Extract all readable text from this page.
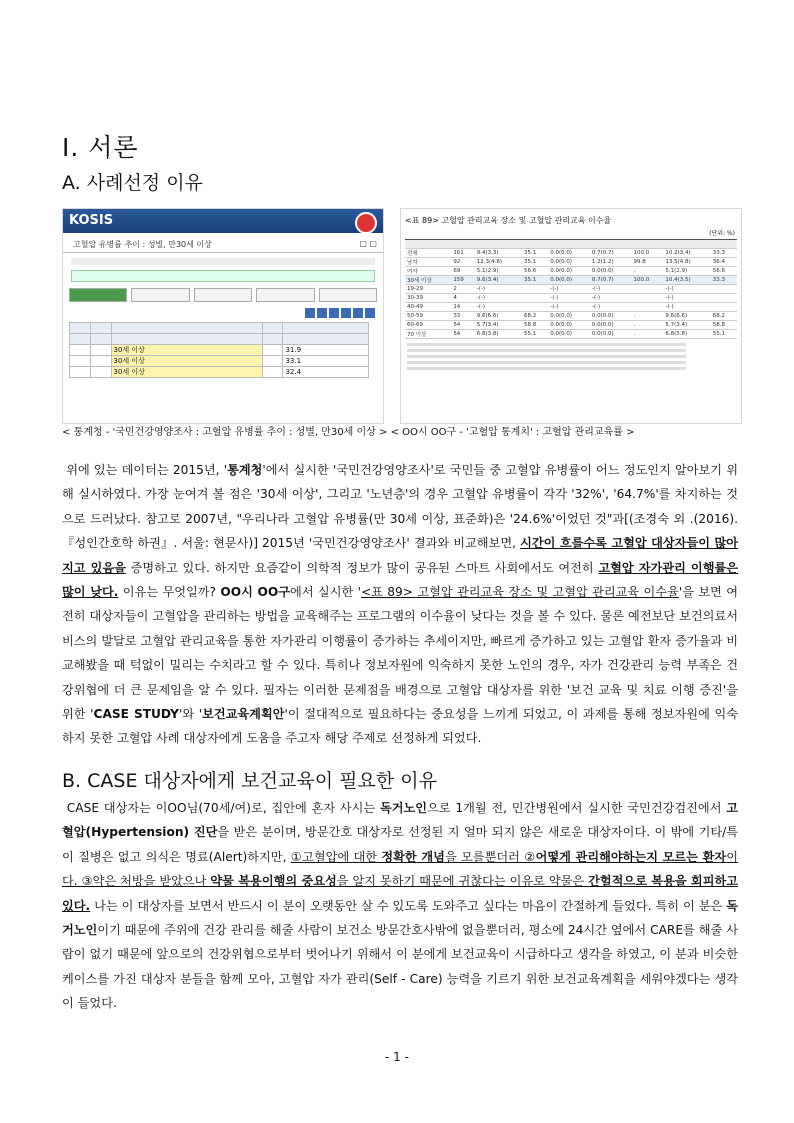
Ⅰ. 서론
A. 사례선정 이유
KOSIS
고혈압 유병률 추이 : 성별, 만30세 이상	▢ ▢

		30세 이상		31.9
		30세 이상		33.1
		30세 이상		32.4
<표 89> 고혈압 관리교육 장소 및 고혈압 관리교육 이수율
(단위: %)

전체	161	9.4(3.3)	35.1	0.0(0.0)	0.7(0.7)	100.0	10.2(3.4)	33.3
남자	92	12.3(4.8)	35.1	0.0(0.0)	1.2(1.2)	99.8	13.5(4.8)	36.4
여자	69	5.1(2.9)	56.6	0.0(0.0)	0.0(0.0)	.	5.1(2.9)	56.6
30세 이상	159	9.6(3.4)	35.1	0.0(0.0)	0.7(0.7)	100.0	10.4(3.5)	33.3
19-29	2	-(-)		-(-)	-(-)		-(-)	
30-39	4	-(-)		-(-)	-(-)		-(-)	
40-49	14	-(-)		-(-)	-(-)		-(-)	
50-59	33	9.6(6.6)	68.2	0.0(0.0)	0.0(0.0)	.	9.6(6.6)	68.2
60-69	54	5.7(3.4)	58.8	0.0(0.0)	0.0(0.0)	.	5.7(3.4)	58.8
70 이상	54	6.8(3.8)	55.1	0.0(0.0)	0.0(0.0)	.	6.8(3.8)	55.1
< 통계청 - '국민건강영양조사 : 고혈압 유병률 추이 : 성별, 만30세 이상 > < OO시 OO구 - '고혈압 통계치' : 고혈압 관리교육률 >
위에 있는 데이터는 2015년, '통계청'에서 실시한 '국민건강영양조사'로 국민들 중 고혈압 유병률이 어느 정도인지 알아보기 위해 실시하였다. 가장 눈여겨 볼 점은 '30세 이상', 그리고 '노년층'의 경우 고혈압 유병률이 각각 '32%', '64.7%'를 차지하는 것으로 드러났다. 참고로 2007년, "우리나라 고혈압 유병률(만 30세 이상, 표준화)은 '24.6%'이었던 것"과[(조경숙 외 .(2016).『성인간호학 하권』. 서울: 현문사)] 2015년 '국민건강영양조사' 결과와 비교해보면, 시간이 흐를수록 고혈압 대상자들이 많아지고 있음을 증명하고 있다. 하지만 요즘같이 의학적 정보가 많이 공유된 스마트 사회에서도 여전히 고혈압 자가관리 이행률은 많이 낮다. 이유는 무엇일까? OO시 OO구에서 실시한 '<표 89> 고혈압 관리교육 장소 및 고혈압 관리교육 이수율'을 보면 여전히 대상자들이 고혈압을 관리하는 방법을 교육해주는 프로그램의 이수율이 낮다는 것을 볼 수 있다. 물론 예전보단 보건의료서비스의 발달로 고혈압 관리교육을 통한 자가관리 이행률이 증가하는 추세이지만, 빠르게 증가하고 있는 고혈압 환자 증가율과 비교해봤을 때 턱없이 밀리는 수치라고 할 수 있다. 특히나 정보자원에 익숙하지 못한 노인의 경우, 자가 건강관리 능력 부족은 건강위협에 더 큰 문제임을 알 수 있다. 필자는 이러한 문제점을 배경으로 고혈압 대상자를 위한 '보건 교육 및 치료 이행 증진'을 위한 'CASE STUDY'와 '보건교육계획안'이 절대적으로 필요하다는 중요성을 느끼게 되었고, 이 과제를 통해 정보자원에 익숙하지 못한 고혈압 사례 대상자에게 도움을 주고자 해당 주제로 선정하게 되었다.
B. CASE 대상자에게 보건교육이 필요한 이유
CASE 대상자는 이OO님(70세/여)로, 집안에 혼자 사시는 독거노인으로 1개월 전, 민간병원에서 실시한 국민건강검진에서 고혈압(Hypertension) 진단을 받은 분이며, 방문간호 대상자로 선정된 지 얼마 되지 않은 새로운 대상자이다. 이 밖에 기타/특이 질병은 없고 의식은 명료(Alert)하지만, ①고혈압에 대한 정확한 개념을 모를뿐더러 ②어떻게 관리해야하는지 모르는 환자이다. ③약은 처방을 받았으나 약물 복용이행의 중요성을 알지 못하기 때문에 귀찮다는 이유로 약물은 간헐적으로 복용을 회피하고 있다. 나는 이 대상자를 보면서 반드시 이 분이 오랫동안 살 수 있도록 도와주고 싶다는 마음이 간절하게 들었다. 특히 이 분은 독거노인이기 때문에 주위에 건강 관리를 해줄 사람이 보건소 방문간호사밖에 없을뿐더러, 평소에 24시간 옆에서 CARE를 해줄 사람이 없기 때문에 앞으로의 건강위협으로부터 벗어나기 위해서 이 분에게 보건교육이 시급하다고 생각을 하였고, 이 분과 비슷한 케이스를 가진 대상자 분들을 함께 모아, 고혈압 자가 관리(Self - Care) 능력을 기르기 위한 보건교육계획을 세워야겠다는 생각이 들었다.
- 1 -
